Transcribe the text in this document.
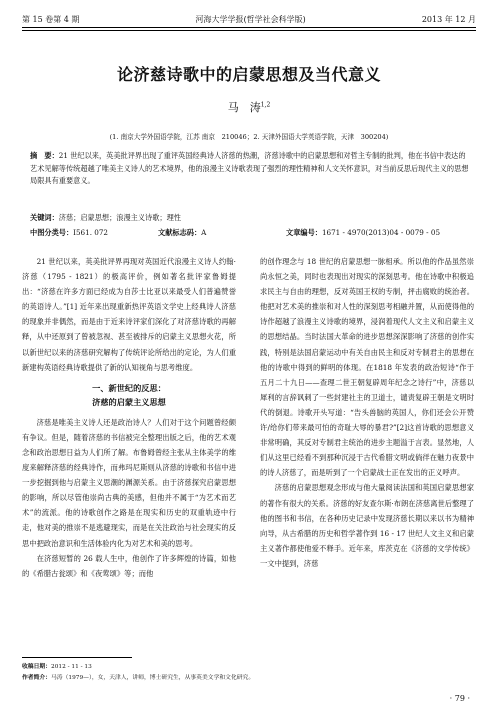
第 15 卷第 4 期	河海大学学报(哲学社会科学版)	2013 年 12 月
论济慈诗歌中的启蒙思想及当代意义
马　涛$^{1,2}$
(1. 南京大学外国语学院，江苏 南京　210046；2. 天津外国语大学英语学院，天津　300204)
摘　要：21 世纪以来，英美批评界出现了重评英国经典诗人济慈的热潮，济慈诗歌中的启蒙思想和对哲主专制的批判，他在书信中表达的艺术见解等传统超越了唯美主义诗人的艺术境界，他的浪漫主义诗歌表现了强烈的理性精神和人文关怀意识，对当前反思后现代主义的思想局限具有重要意义。
关键词：济慈；启蒙思想；浪漫主义诗歌；理性
中图分类号：I561. 072	文献标志码：A	文章编号：1671 - 4970(2013)04 - 0079 - 05

21 世纪以来，英美批评界再现对英国近代浪漫主义诗人约翰·济慈（1795 - 1821）的极高评价，例如著名批评家鲁姆提出：“济慈在许多方面已经成为自莎士比亚以来最受人们普遍赞誉的英语诗人。”[1] 近年来出现重新热评英语文学史上经典诗人济慈的现象并非偶然，而是由于近来诗评家们深化了对济慈诗歌的再解释，从中还原到了曾被忽视、甚至被排斥的启蒙主义思想火花，所以新世纪以来的济慈研究解构了传统评论所给出的定论，为人们重新建构英语经典诗歌提供了新的认知视角与思考维度。

一、新世纪的反思：
济慈的启蒙主义思想

济慈是唯美主义诗人还是政治诗人？人们对于这个问题曾经颇有争议。但是，随着济慈的书信被完全整理出版之后，他的艺术观念和政治思想日益为人们所了解。布鲁姆曾经主张从主体美学的维度来解释济慈的经典诗作，而弗玛尼斯则从济慈的诗歌和书信中进一步挖掘到他与启蒙主义思潮的渊源关系。由于济慈探究启蒙思想的影响，所以尽管他崇尚古典的美感，但他并不属于“为艺术而艺术”的流派。他的诗歌创作之路是在现实和历史的双重轨迹中行走，他对美的推崇不是逃避现实，而是在关注政治与社会现实的反思中把政治意识和生活体验内化为对艺术和美的思考。

在济慈短暂的 26 载人生中，他创作了许多辉煌的诗篇，如他的《希腊古瓮颂》和《夜莺颂》等；而他

的创作理念与 18 世纪的启蒙思想一脉相承。所以他的作品虽然崇尚永恒之美，同时也表现出对现实的深刻思考。他在诗歌中积极追求民主与自由的理想，反对英国王权的专制，抨击腐败的统治者。他把对艺术美的推崇和对人性的深刻思考相融并置，从而使得他的诗作超越了浪漫主义诗歌的境界，浸润着现代人文主义和启蒙主义的思想结晶。当时法国大革命的进步思想深深影响了济慈的创作实践，特别是法国启蒙运动中有关自由民主和反对专制君主的思想在他的诗歌中得到的鲜明的体现。在1818 年发表的政治短诗“作于五月二十九日——查理二世王朝复辟周年纪念之诗行”中，济慈以犀利的言辞讽刺了一些封建社主的卫道士，谴责复辟王朝是文明时代的倒退。诗歌开头写道：“告头兽脑的英国人，你们还会公开赞许/给你们带来最可怕的奇耻大辱的暴君?”[2]这首诗歌的思想意义非常明确，其反对专制君主统治的进步主题溢于言表。显然地，人们从这里已经看不到那种沉浸于古代希腊文明或倘徉在魅力夜景中的诗人济慈了，而是听到了一个启蒙战士正在发出的正义呼声。

济慈的启蒙思想观念形成与他大量阅读法国和英国启蒙思想家的著作有很大的关系。济慈的好友查尔斯·布朗在济慈离世后整理了他的图书和书信，在各种历史记录中发现济慈长期以来以书为精神向导，从古希腊的历史和哲学著作到 16 - 17 世纪人文主义和启蒙主义著作都使他爱不释手。近年来，库茨克在《济慈的文学传统》一文中提到，济慈

收稿日期：2012 - 11 - 13
作者简介：马涛（1979—），女，天津人，讲师，博士研究生，从事英美文学和文化研究。
· 79 ·
